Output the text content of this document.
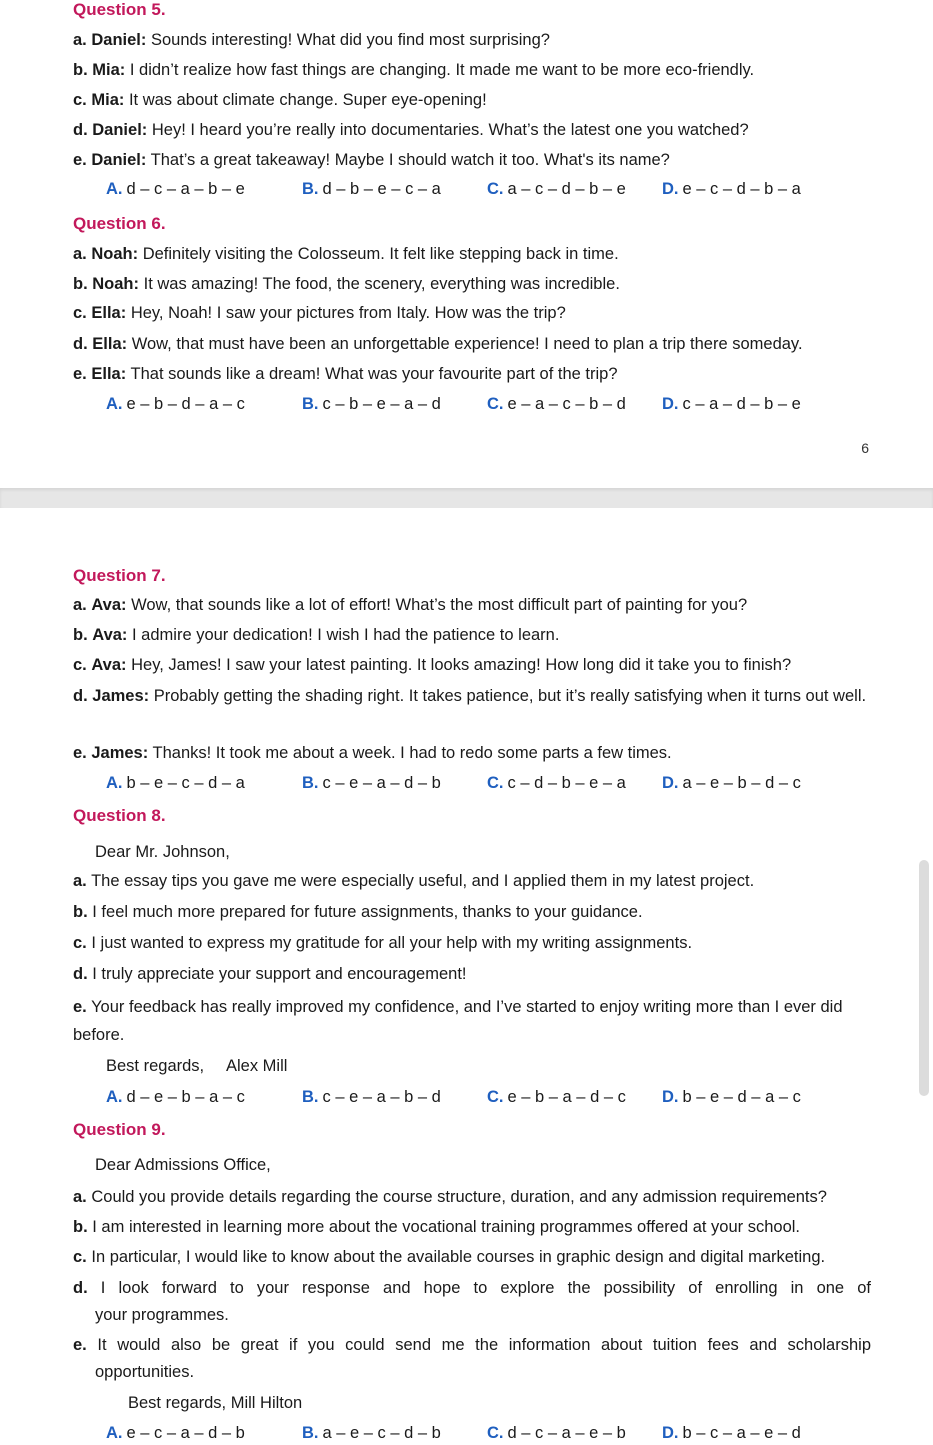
Question 5.
a. Daniel: Sounds interesting! What did you find most surprising?
b. Mia: I didn’t realize how fast things are changing. It made me want to be more eco-friendly.
c. Mia: It was about climate change. Super eye-opening!
d. Daniel: Hey! I heard you’re really into documentaries. What’s the latest one you watched?
e. Daniel: That’s a great takeaway! Maybe I should watch it too. What's its name?
A. d – c – a – b – e	B. d – b – e – c – a	C. a – c – d – b – e D. e – c – d – b – a
Question 6.
a. Noah: Definitely visiting the Colosseum. It felt like stepping back in time.
b. Noah: It was amazing! The food, the scenery, everything was incredible.
c. Ella: Hey, Noah! I saw your pictures from Italy. How was the trip?
d. Ella: Wow, that must have been an unforgettable experience! I need to plan a trip there someday.
e. Ella: That sounds like a dream! What was your favourite part of the trip?
A. e – b – d – a – c	B. c – b – e – a – d	C. e – a – c – b – d D. c – a – d – b – e
6
Question 7.
a. Ava: Wow, that sounds like a lot of effort! What’s the most difficult part of painting for you?
b. Ava: I admire your dedication! I wish I had the patience to learn.
c. Ava: Hey, James! I saw your latest painting. It looks amazing! How long did it take you to finish?
d. James: Probably getting the shading right. It takes patience, but it’s really satisfying when it turns out well.
e. James: Thanks! It took me about a week. I had to redo some parts a few times.
A. b – e – c – d – a	B. c – e – a – d – b	C. c – d – b – e – a D. a – e – b – d – c
Question 8.
Dear Mr. Johnson,
a. The essay tips you gave me were especially useful, and I applied them in my latest project.
b. I feel much more prepared for future assignments, thanks to your guidance.
c. I just wanted to express my gratitude for all your help with my writing assignments.
d. I truly appreciate your support and encouragement!
e. Your feedback has really improved my confidence, and I’ve started to enjoy writing more than I ever did before.
Best regards, Alex Mill
A. d – e – b – a – c	B. c – e – a – b – d	C. e – b – a – d – c D. b – e – d – a – c
Question 9.
Dear Admissions Office,
a. Could you provide details regarding the course structure, duration, and any admission requirements?
b. I am interested in learning more about the vocational training programmes offered at your school.
c. In particular, I would like to know about the available courses in graphic design and digital marketing.
d. I look forward to your response and hope to explore the possibility of enrolling in one of
your programmes.
e. It would also be great if you could send me the information about tuition fees and scholarship
opportunities.
Best regards, Mill Hilton
A. e – c – a – d – b	B. a – e – c – d – b	C. d – c – a – e – b D. b – c – a – e – d
